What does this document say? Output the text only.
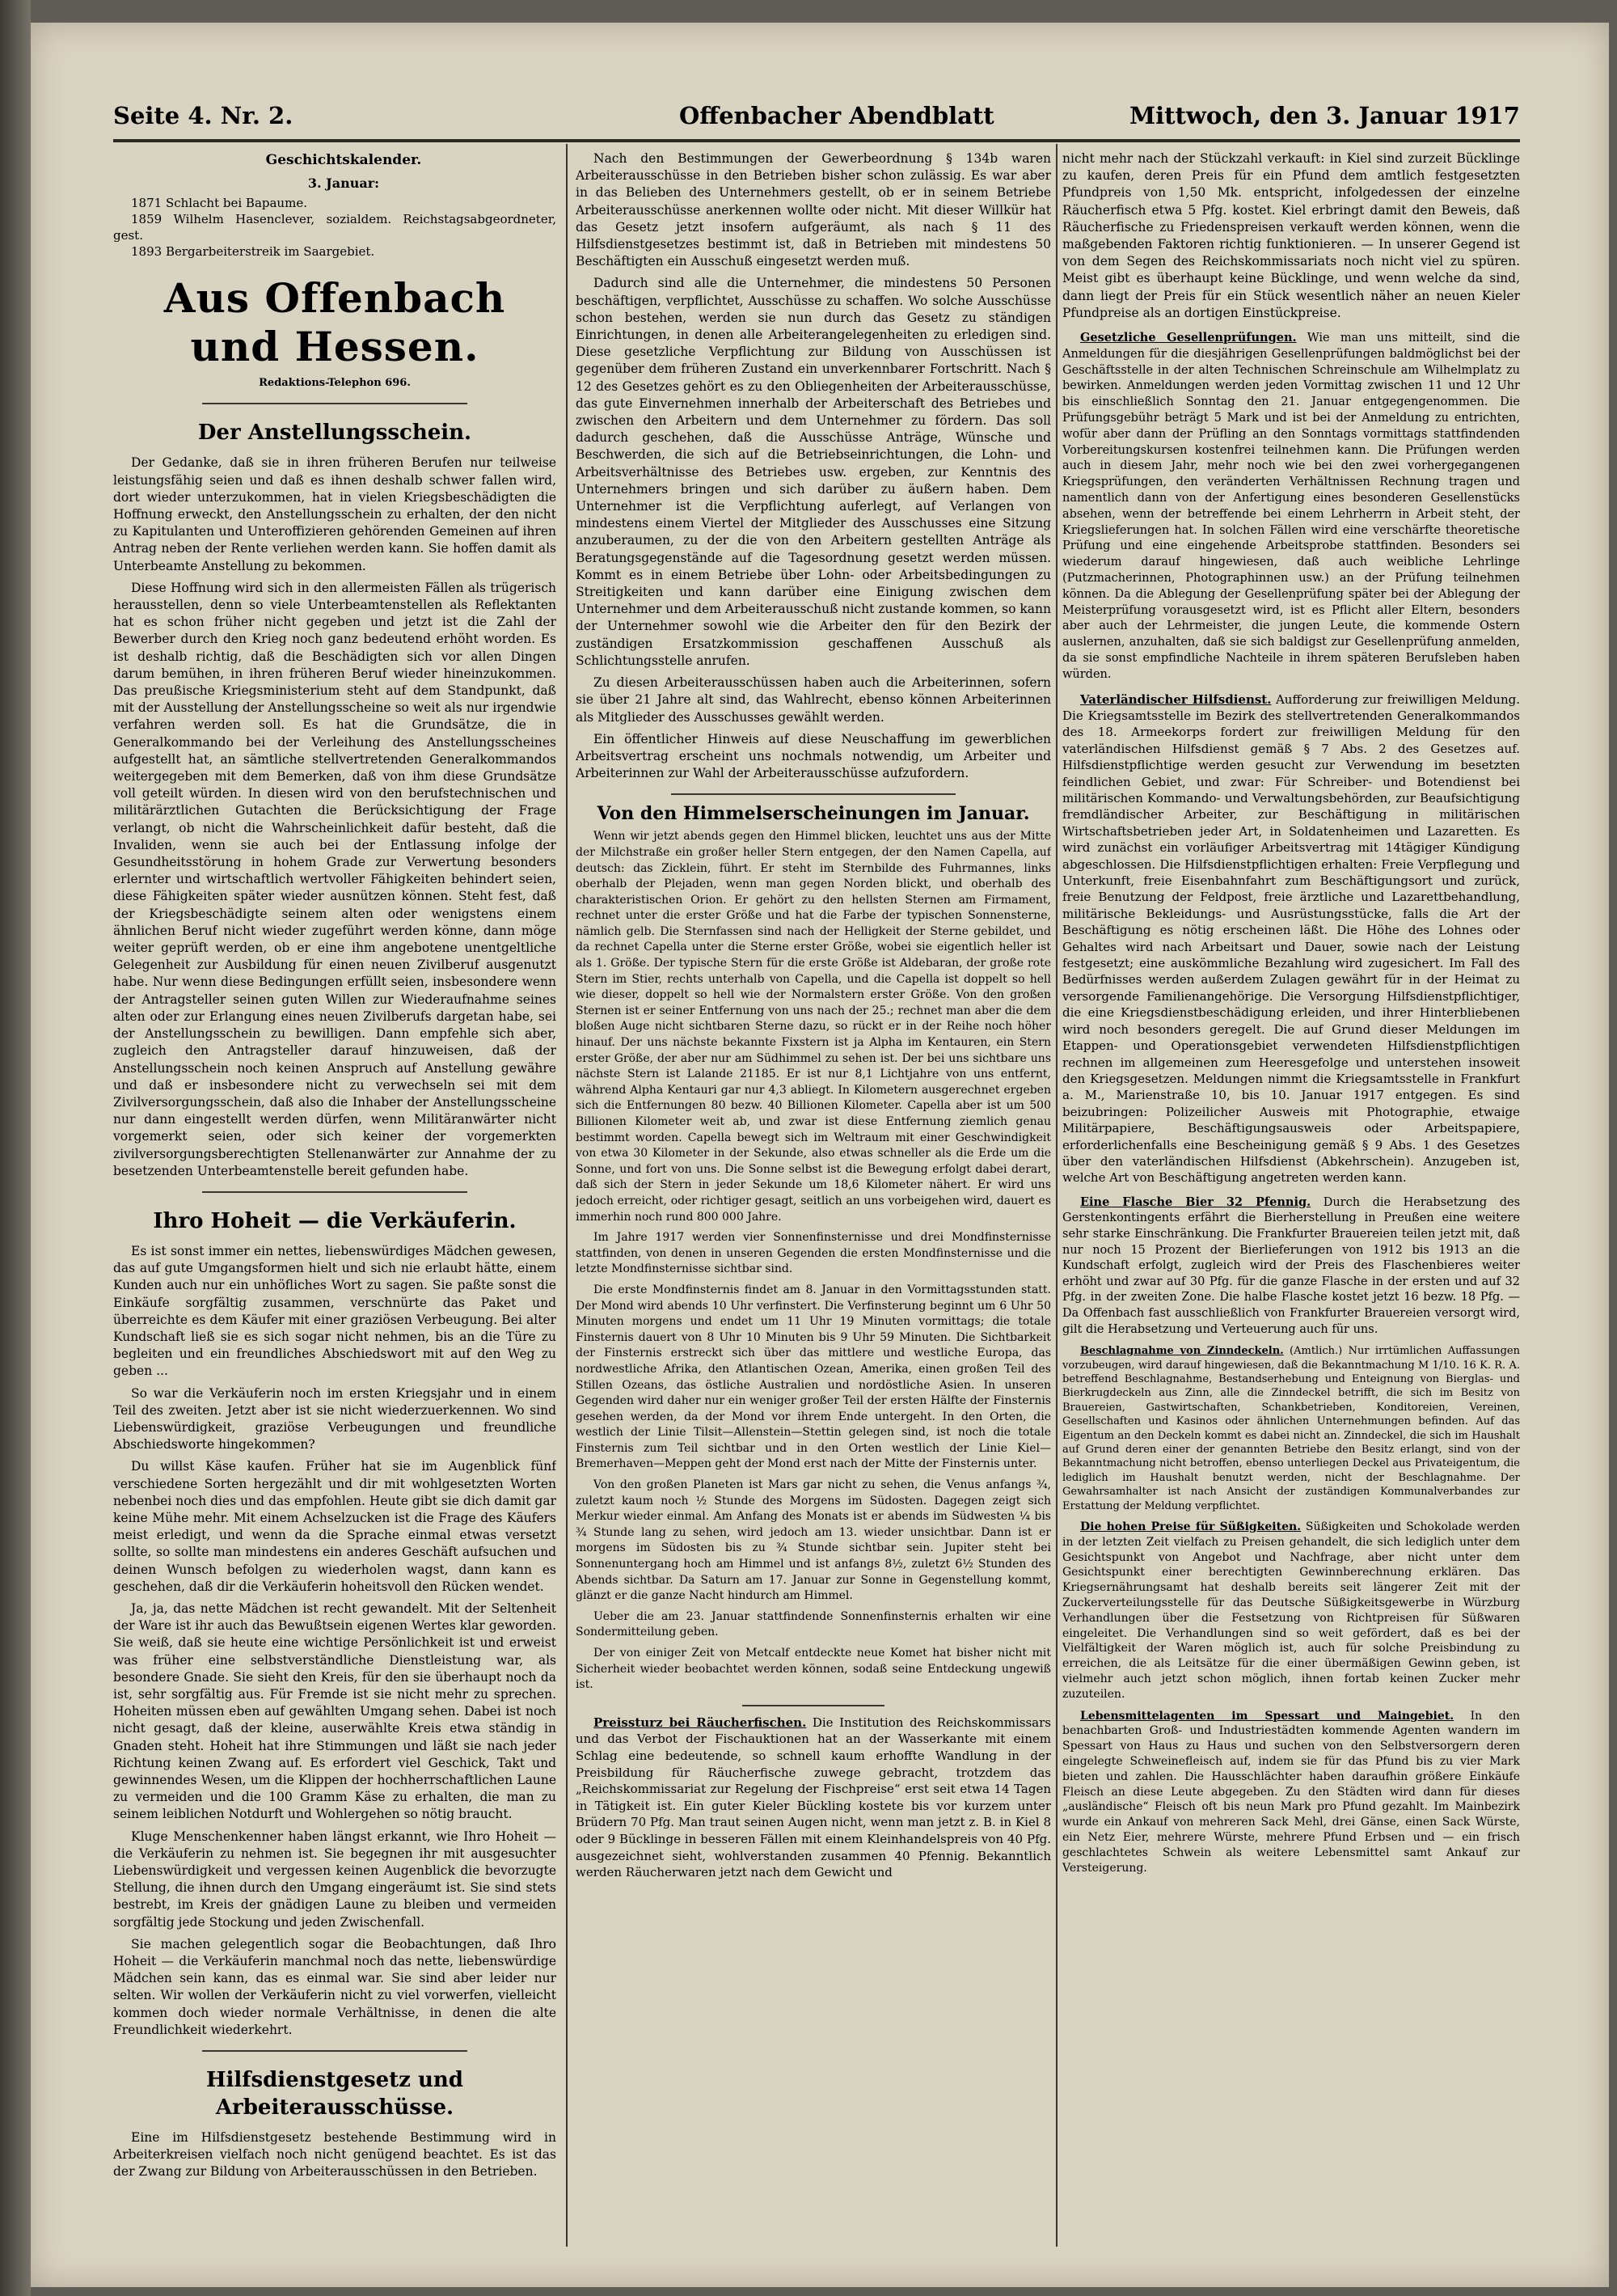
Seite 4. Nr. 2.	Offenbacher Abendblatt	Mittwoch, den 3. Januar 1917

Geschichtskalender.

3. Januar:

1871 Schlacht bei Bapaume.

1859 Wilhelm Hasenclever, sozialdem. Reichstagsabgeordneter, gest.

1893 Bergarbeiterstreik im Saargebiet.

Aus Offenbach und Hessen.

Redaktions-Telephon 696.

Der Anstellungsschein.

Der Gedanke, daß sie in ihren früheren Berufen nur teilweise leistungsfähig seien und daß es ihnen deshalb schwer fallen wird, dort wieder unterzukommen, hat in vielen Kriegsbeschädigten die Hoffnung erweckt, den Anstellungsschein zu erhalten, der den nicht zu Kapitulanten und Unteroffizieren gehörenden Gemeinen auf ihren Antrag neben der Rente verliehen werden kann. Sie hoffen damit als Unterbeamte Anstellung zu bekommen.

Diese Hoffnung wird sich in den allermeisten Fällen als trügerisch herausstellen, denn so viele Unterbeamtenstellen als Reflektanten hat es schon früher nicht gegeben und jetzt ist die Zahl der Bewerber durch den Krieg noch ganz bedeutend erhöht worden. Es ist deshalb richtig, daß die Beschädigten sich vor allen Dingen darum bemühen, in ihren früheren Beruf wieder hineinzukommen. Das preußische Kriegsministerium steht auf dem Standpunkt, daß mit der Ausstellung der Anstellungsscheine so weit als nur irgendwie verfahren werden soll. Es hat die Grundsätze, die in Generalkommando bei der Verleihung des Anstellungsscheines aufgestellt hat, an sämtliche stellvertretenden Generalkommandos weitergegeben mit dem Bemerken, daß von ihm diese Grundsätze voll geteilt würden. In diesen wird von den berufstechnischen und militärärztlichen Gutachten die Berücksichtigung der Frage verlangt, ob nicht die Wahrscheinlichkeit dafür besteht, daß die Invaliden, wenn sie auch bei der Entlassung infolge der Gesundheitsstörung in hohem Grade zur Verwertung besonders erlernter und wirtschaftlich wertvoller Fähigkeiten behindert seien, diese Fähigkeiten später wieder ausnützen können. Steht fest, daß der Kriegsbeschädigte seinem alten oder wenigstens einem ähnlichen Beruf nicht wieder zugeführt werden könne, dann möge weiter geprüft werden, ob er eine ihm angebotene unentgeltliche Gelegenheit zur Ausbildung für einen neuen Zivilberuf ausgenutzt habe. Nur wenn diese Bedingungen erfüllt seien, insbesondere wenn der Antragsteller seinen guten Willen zur Wiederaufnahme seines alten oder zur Erlangung eines neuen Zivilberufs dargetan habe, sei der Anstellungsschein zu bewilligen. Dann empfehle sich aber, zugleich den Antragsteller darauf hinzuweisen, daß der Anstellungsschein noch keinen Anspruch auf Anstellung gewähre und daß er insbesondere nicht zu verwechseln sei mit dem Zivilversorgungsschein, daß also die Inhaber der Anstellungsscheine nur dann eingestellt werden dürfen, wenn Militäranwärter nicht vorgemerkt seien, oder sich keiner der vorgemerkten zivilversorgungsberechtigten Stellenanwärter zur Annahme der zu besetzenden Unterbeamtenstelle bereit gefunden habe.

Ihro Hoheit — die Verkäuferin.

Es ist sonst immer ein nettes, liebenswürdiges Mädchen gewesen, das auf gute Umgangsformen hielt und sich nie erlaubt hätte, einem Kunden auch nur ein unhöfliches Wort zu sagen. Sie paßte sonst die Einkäufe sorgfältig zusammen, verschnürte das Paket und überreichte es dem Käufer mit einer graziösen Verbeugung. Bei alter Kundschaft ließ sie es sich sogar nicht nehmen, bis an die Türe zu begleiten und ein freundliches Abschiedswort mit auf den Weg zu geben ...

So war die Verkäuferin noch im ersten Kriegsjahr und in einem Teil des zweiten. Jetzt aber ist sie nicht wiederzuerkennen. Wo sind Liebenswürdigkeit, graziöse Verbeugungen und freundliche Abschiedsworte hingekommen?

Du willst Käse kaufen. Früher hat sie im Augenblick fünf verschiedene Sorten hergezählt und dir mit wohlgesetzten Worten nebenbei noch dies und das empfohlen. Heute gibt sie dich damit gar keine Mühe mehr. Mit einem Achselzucken ist die Frage des Käufers meist erledigt, und wenn da die Sprache einmal etwas versetzt sollte, so sollte man mindestens ein anderes Geschäft aufsuchen und deinen Wunsch befolgen zu wiederholen wagst, dann kann es geschehen, daß dir die Verkäuferin hoheitsvoll den Rücken wendet.

Ja, ja, das nette Mädchen ist recht gewandelt. Mit der Seltenheit der Ware ist ihr auch das Bewußtsein eigenen Wertes klar geworden. Sie weiß, daß sie heute eine wichtige Persönlichkeit ist und erweist was früher eine selbstverständliche Dienstleistung war, als besondere Gnade. Sie sieht den Kreis, für den sie überhaupt noch da ist, sehr sorgfältig aus. Für Fremde ist sie nicht mehr zu sprechen. Hoheiten müssen eben auf gewählten Umgang sehen. Dabei ist noch nicht gesagt, daß der kleine, auserwählte Kreis etwa ständig in Gnaden steht. Hoheit hat ihre Stimmungen und läßt sie nach jeder Richtung keinen Zwang auf. Es erfordert viel Geschick, Takt und gewinnendes Wesen, um die Klippen der hochherrschaftlichen Laune zu vermeiden und die 100 Gramm Käse zu erhalten, die man zu seinem leiblichen Notdurft und Wohlergehen so nötig braucht.

Kluge Menschenkenner haben längst erkannt, wie Ihro Hoheit — die Verkäuferin zu nehmen ist. Sie begegnen ihr mit ausgesuchter Liebenswürdigkeit und vergessen keinen Augenblick die bevorzugte Stellung, die ihnen durch den Umgang eingeräumt ist. Sie sind stets bestrebt, im Kreis der gnädigen Laune zu bleiben und vermeiden sorgfältig jede Stockung und jeden Zwischenfall.

Sie machen gelegentlich sogar die Beobachtungen, daß Ihro Hoheit — die Verkäuferin manchmal noch das nette, liebenswürdige Mädchen sein kann, das es einmal war. Sie sind aber leider nur selten. Wir wollen der Verkäuferin nicht zu viel vorwerfen, vielleicht kommen doch wieder normale Verhältnisse, in denen die alte Freundlichkeit wiederkehrt.

Hilfsdienstgesetz und Arbeiterausschüsse.

Eine im Hilfsdienstgesetz bestehende Bestimmung wird in Arbeiterkreisen vielfach noch nicht genügend beachtet. Es ist das der Zwang zur Bildung von Arbeiterausschüssen in den Betrieben.

Nach den Bestimmungen der Gewerbeordnung § 134b waren Arbeiterausschüsse in den Betrieben bisher schon zulässig. Es war aber in das Belieben des Unternehmers gestellt, ob er in seinem Betriebe Arbeiterausschüsse anerkennen wollte oder nicht. Mit dieser Willkür hat das Gesetz jetzt insofern aufgeräumt, als nach § 11 des Hilfsdienstgesetzes bestimmt ist, daß in Betrieben mit mindestens 50 Beschäftigten ein Ausschuß eingesetzt werden muß.

Dadurch sind alle die Unternehmer, die mindestens 50 Personen beschäftigen, verpflichtet, Ausschüsse zu schaffen. Wo solche Ausschüsse schon bestehen, werden sie nun durch das Gesetz zu ständigen Einrichtungen, in denen alle Arbeiterangelegenheiten zu erledigen sind. Diese gesetzliche Verpflichtung zur Bildung von Ausschüssen ist gegenüber dem früheren Zustand ein unverkennbarer Fortschritt. Nach § 12 des Gesetzes gehört es zu den Obliegenheiten der Arbeiterausschüsse, das gute Einvernehmen innerhalb der Arbeiterschaft des Betriebes und zwischen den Arbeitern und dem Unternehmer zu fördern. Das soll dadurch geschehen, daß die Ausschüsse Anträge, Wünsche und Beschwerden, die sich auf die Betriebseinrichtungen, die Lohn- und Arbeitsverhältnisse des Betriebes usw. ergeben, zur Kenntnis des Unternehmers bringen und sich darüber zu äußern haben. Dem Unternehmer ist die Verpflichtung auferlegt, auf Verlangen von mindestens einem Viertel der Mitglieder des Ausschusses eine Sitzung anzuberaumen, zu der die von den Arbeitern gestellten Anträge als Beratungsgegenstände auf die Tagesordnung gesetzt werden müssen. Kommt es in einem Betriebe über Lohn- oder Arbeitsbedingungen zu Streitigkeiten und kann darüber eine Einigung zwischen dem Unternehmer und dem Arbeiterausschuß nicht zustande kommen, so kann der Unternehmer sowohl wie die Arbeiter den für den Bezirk der zuständigen Ersatzkommission geschaffenen Ausschuß als Schlichtungsstelle anrufen.

Zu diesen Arbeiterausschüssen haben auch die Arbeiterinnen, sofern sie über 21 Jahre alt sind, das Wahlrecht, ebenso können Arbeiterinnen als Mitglieder des Ausschusses gewählt werden.

Ein öffentlicher Hinweis auf diese Neuschaffung im gewerblichen Arbeitsvertrag erscheint uns nochmals notwendig, um Arbeiter und Arbeiterinnen zur Wahl der Arbeiterausschüsse aufzufordern.

Von den Himmelserscheinungen im Januar.

Wenn wir jetzt abends gegen den Himmel blicken, leuchtet uns aus der Mitte der Milchstraße ein großer heller Stern entgegen, der den Namen Capella, auf deutsch: das Zicklein, führt. Er steht im Sternbilde des Fuhrmannes, links oberhalb der Plejaden, wenn man gegen Norden blickt, und oberhalb des charakteristischen Orion. Er gehört zu den hellsten Sternen am Firmament, rechnet unter die erster Größe und hat die Farbe der typischen Sonnensterne, nämlich gelb. Die Sternfassen sind nach der Helligkeit der Sterne gebildet, und da rechnet Capella unter die Sterne erster Größe, wobei sie eigentlich heller ist als 1. Größe. Der typische Stern für die erste Größe ist Aldebaran, der große rote Stern im Stier, rechts unterhalb von Capella, und die Capella ist doppelt so hell wie dieser, doppelt so hell wie der Normalstern erster Größe. Von den großen Sternen ist er seiner Entfernung von uns nach der 25.; rechnet man aber die dem bloßen Auge nicht sichtbaren Sterne dazu, so rückt er in der Reihe noch höher hinauf. Der uns nächste bekannte Fixstern ist ja Alpha im Kentauren, ein Stern erster Größe, der aber nur am Südhimmel zu sehen ist. Der bei uns sichtbare uns nächste Stern ist Lalande 21185. Er ist nur 8,1 Lichtjahre von uns entfernt, während Alpha Kentauri gar nur 4,3 abliegt. In Kilometern ausgerechnet ergeben sich die Entfernungen 80 bezw. 40 Billionen Kilometer. Capella aber ist um 500 Billionen Kilometer weit ab, und zwar ist diese Entfernung ziemlich genau bestimmt worden. Capella bewegt sich im Weltraum mit einer Geschwindigkeit von etwa 30 Kilometer in der Sekunde, also etwas schneller als die Erde um die Sonne, und fort von uns. Die Sonne selbst ist die Bewegung erfolgt dabei derart, daß sich der Stern in jeder Sekunde um 18,6 Kilometer nähert. Er wird uns jedoch erreicht, oder richtiger gesagt, seitlich an uns vorbeigehen wird, dauert es immerhin noch rund 800 000 Jahre.

Im Jahre 1917 werden vier Sonnenfinsternisse und drei Mondfinsternisse stattfinden, von denen in unseren Gegenden die ersten Mondfinsternisse und die letzte Mondfinsternisse sichtbar sind.

Die erste Mondfinsternis findet am 8. Januar in den Vormittagsstunden statt. Der Mond wird abends 10 Uhr verfinstert. Die Verfinsterung beginnt um 6 Uhr 50 Minuten morgens und endet um 11 Uhr 19 Minuten vormittags; die totale Finsternis dauert von 8 Uhr 10 Minuten bis 9 Uhr 59 Minuten. Die Sichtbarkeit der Finsternis erstreckt sich über das mittlere und westliche Europa, das nordwestliche Afrika, den Atlantischen Ozean, Amerika, einen großen Teil des Stillen Ozeans, das östliche Australien und nordöstliche Asien. In unseren Gegenden wird daher nur ein weniger großer Teil der ersten Hälfte der Finsternis gesehen werden, da der Mond vor ihrem Ende untergeht. In den Orten, die westlich der Linie Tilsit—Allenstein—Stettin gelegen sind, ist noch die totale Finsternis zum Teil sichtbar und in den Orten westlich der Linie Kiel—Bremerhaven—Meppen geht der Mond erst nach der Mitte der Finsternis unter.

Von den großen Planeten ist Mars gar nicht zu sehen, die Venus anfangs ¾, zuletzt kaum noch ½ Stunde des Morgens im Südosten. Dagegen zeigt sich Merkur wieder einmal. Am Anfang des Monats ist er abends im Südwesten ¼ bis ¾ Stunde lang zu sehen, wird jedoch am 13. wieder unsichtbar. Dann ist er morgens im Südosten bis zu ¾ Stunde sichtbar sein. Jupiter steht bei Sonnenuntergang hoch am Himmel und ist anfangs 8½, zuletzt 6½ Stunden des Abends sichtbar. Da Saturn am 17. Januar zur Sonne in Gegenstellung kommt, glänzt er die ganze Nacht hindurch am Himmel.

Ueber die am 23. Januar stattfindende Sonnenfinsternis erhalten wir eine Sondermitteilung geben.

Der von einiger Zeit von Metcalf entdeckte neue Komet hat bisher nicht mit Sicherheit wieder beobachtet werden können, sodaß seine Entdeckung ungewiß ist.

Preissturz bei Räucherfischen. Die Institution des Reichskommissars und das Verbot der Fischauktionen hat an der Wasserkante mit einem Schlag eine bedeutende, so schnell kaum erhoffte Wandlung in der Preisbildung für Räucherfische zuwege gebracht, trotzdem das „Reichskommissariat zur Regelung der Fischpreise“ erst seit etwa 14 Tagen in Tätigkeit ist. Ein guter Kieler Bückling kostete bis vor kurzem unter Brüdern 70 Pfg. Man traut seinen Augen nicht, wenn man jetzt z. B. in Kiel 8 oder 9 Bücklinge in besseren Fällen mit einem Kleinhandelspreis von 40 Pfg. ausgezeichnet sieht, wohlverstanden zusammen 40 Pfennig. Bekanntlich werden Räucherwaren jetzt nach dem Gewicht und

nicht mehr nach der Stückzahl verkauft: in Kiel sind zurzeit Bücklinge zu kaufen, deren Preis für ein Pfund dem amtlich festgesetzten Pfundpreis von 1,50 Mk. entspricht, infolgedessen der einzelne Räucherfisch etwa 5 Pfg. kostet. Kiel erbringt damit den Beweis, daß Räucherfische zu Friedenspreisen verkauft werden können, wenn die maßgebenden Faktoren richtig funktionieren. — In unserer Gegend ist von dem Segen des Reichskommissariats noch nicht viel zu spüren. Meist gibt es überhaupt keine Bücklinge, und wenn welche da sind, dann liegt der Preis für ein Stück wesentlich näher an neuen Kieler Pfundpreise als an dortigen Einstückpreise.

Gesetzliche Gesellenprüfungen. Wie man uns mitteilt, sind die Anmeldungen für die diesjährigen Gesellenprüfungen baldmöglichst bei der Geschäftsstelle in der alten Technischen Schreinschule am Wilhelmplatz zu bewirken. Anmeldungen werden jeden Vormittag zwischen 11 und 12 Uhr bis einschließlich Sonntag den 21. Januar entgegengenommen. Die Prüfungsgebühr beträgt 5 Mark und ist bei der Anmeldung zu entrichten, wofür aber dann der Prüfling an den Sonntags vormittags stattfindenden Vorbereitungskursen kostenfrei teilnehmen kann. Die Prüfungen werden auch in diesem Jahr, mehr noch wie bei den zwei vorhergegangenen Kriegsprüfungen, den veränderten Verhältnissen Rechnung tragen und namentlich dann von der Anfertigung eines besonderen Gesellenstücks absehen, wenn der betreffende bei einem Lehrherrn in Arbeit steht, der Kriegslieferungen hat. In solchen Fällen wird eine verschärfte theoretische Prüfung und eine eingehende Arbeitsprobe stattfinden. Besonders sei wiederum darauf hingewiesen, daß auch weibliche Lehrlinge (Putzmacherinnen, Photographinnen usw.) an der Prüfung teilnehmen können. Da die Ablegung der Gesellenprüfung später bei der Ablegung der Meisterprüfung vorausgesetzt wird, ist es Pflicht aller Eltern, besonders aber auch der Lehrmeister, die jungen Leute, die kommende Ostern auslernen, anzuhalten, daß sie sich baldigst zur Gesellenprüfung anmelden, da sie sonst empfindliche Nachteile in ihrem späteren Berufsleben haben würden.

Vaterländischer Hilfsdienst. Aufforderung zur freiwilligen Meldung. Die Kriegsamtsstelle im Bezirk des stellvertretenden Generalkommandos des 18. Armeekorps fordert zur freiwilligen Meldung für den vaterländischen Hilfsdienst gemäß § 7 Abs. 2 des Gesetzes auf. Hilfsdienstpflichtige werden gesucht zur Verwendung im besetzten feindlichen Gebiet, und zwar: Für Schreiber- und Botendienst bei militärischen Kommando- und Verwaltungsbehörden, zur Beaufsichtigung fremdländischer Arbeiter, zur Beschäftigung in militärischen Wirtschaftsbetrieben jeder Art, in Soldatenheimen und Lazaretten. Es wird zunächst ein vorläufiger Arbeitsvertrag mit 14tägiger Kündigung abgeschlossen. Die Hilfsdienstpflichtigen erhalten: Freie Verpflegung und Unterkunft, freie Eisenbahnfahrt zum Beschäftigungsort und zurück, freie Benutzung der Feldpost, freie ärztliche und Lazarettbehandlung, militärische Bekleidungs- und Ausrüstungsstücke, falls die Art der Beschäftigung es nötig erscheinen läßt. Die Höhe des Lohnes oder Gehaltes wird nach Arbeitsart und Dauer, sowie nach der Leistung festgesetzt; eine auskömmliche Bezahlung wird zugesichert. Im Fall des Bedürfnisses werden außerdem Zulagen gewährt für in der Heimat zu versorgende Familienangehörige. Die Versorgung Hilfsdienstpflichtiger, die eine Kriegsdienstbeschädigung erleiden, und ihrer Hinterbliebenen wird noch besonders geregelt. Die auf Grund dieser Meldungen im Etappen- und Operationsgebiet verwendeten Hilfsdienstpflichtigen rechnen im allgemeinen zum Heeresgefolge und unterstehen insoweit den Kriegsgesetzen. Meldungen nimmt die Kriegsamtsstelle in Frankfurt a. M., Marienstraße 10, bis 10. Januar 1917 entgegen. Es sind beizubringen: Polizeilicher Ausweis mit Photographie, etwaige Militärpapiere, Beschäftigungsausweis oder Arbeitspapiere, erforderlichenfalls eine Bescheinigung gemäß § 9 Abs. 1 des Gesetzes über den vaterländischen Hilfsdienst (Abkehrschein). Anzugeben ist, welche Art von Beschäftigung angetreten werden kann.

Eine Flasche Bier 32 Pfennig. Durch die Herabsetzung des Gerstenkontingents erfährt die Bierherstellung in Preußen eine weitere sehr starke Einschränkung. Die Frankfurter Brauereien teilen jetzt mit, daß nur noch 15 Prozent der Bierlieferungen von 1912 bis 1913 an die Kundschaft erfolgt, zugleich wird der Preis des Flaschenbieres weiter erhöht und zwar auf 30 Pfg. für die ganze Flasche in der ersten und auf 32 Pfg. in der zweiten Zone. Die halbe Flasche kostet jetzt 16 bezw. 18 Pfg. — Da Offenbach fast ausschließlich von Frankfurter Brauereien versorgt wird, gilt die Herabsetzung und Verteuerung auch für uns.

Beschlagnahme von Zinndeckeln. (Amtlich.) Nur irrtümlichen Auffassungen vorzubeugen, wird darauf hingewiesen, daß die Bekanntmachung M 1/10. 16 K. R. A. betreffend Beschlagnahme, Bestandserhebung und Enteignung von Bierglas- und Bierkrugdeckeln aus Zinn, alle die Zinndeckel betrifft, die sich im Besitz von Brauereien, Gastwirtschaften, Schankbetrieben, Konditoreien, Vereinen, Gesellschaften und Kasinos oder ähnlichen Unternehmungen befinden. Auf das Eigentum an den Deckeln kommt es dabei nicht an. Zinndeckel, die sich im Haushalt auf Grund deren einer der genannten Betriebe den Besitz erlangt, sind von der Bekanntmachung nicht betroffen, ebenso unterliegen Deckel aus Privateigentum, die lediglich im Haushalt benutzt werden, nicht der Beschlagnahme. Der Gewahrsamhalter ist nach Ansicht der zuständigen Kommunalverbandes zur Erstattung der Meldung verpflichtet.

Die hohen Preise für Süßigkeiten. Süßigkeiten und Schokolade werden in der letzten Zeit vielfach zu Preisen gehandelt, die sich lediglich unter dem Gesichtspunkt von Angebot und Nachfrage, aber nicht unter dem Gesichtspunkt einer berechtigten Gewinnberechnung erklären. Das Kriegsernährungsamt hat deshalb bereits seit längerer Zeit mit der Zuckerverteilungsstelle für das Deutsche Süßigkeitsgewerbe in Würzburg Verhandlungen über die Festsetzung von Richtpreisen für Süßwaren eingeleitet. Die Verhandlungen sind so weit gefördert, daß es bei der Vielfältigkeit der Waren möglich ist, auch für solche Preisbindung zu erreichen, die als Leitsätze für die einer übermäßigen Gewinn geben, ist vielmehr auch jetzt schon möglich, ihnen fortab keinen Zucker mehr zuzuteilen.

Lebensmittelagenten im Spessart und Maingebiet. In den benachbarten Groß- und Industriestädten kommende Agenten wandern im Spessart von Haus zu Haus und suchen von den Selbstversorgern deren eingelegte Schweinefleisch auf, indem sie für das Pfund bis zu vier Mark bieten und zahlen. Die Hausschlächter haben daraufhin größere Einkäufe Fleisch an diese Leute abgegeben. Zu den Städten wird dann für dieses „ausländische“ Fleisch oft bis neun Mark pro Pfund gezahlt. Im Mainbezirk wurde ein Ankauf von mehreren Sack Mehl, drei Gänse, einen Sack Würste, ein Netz Eier, mehrere Würste, mehrere Pfund Erbsen und — ein frisch geschlachtetes Schwein als weitere Lebensmittel samt Ankauf zur Versteigerung.
